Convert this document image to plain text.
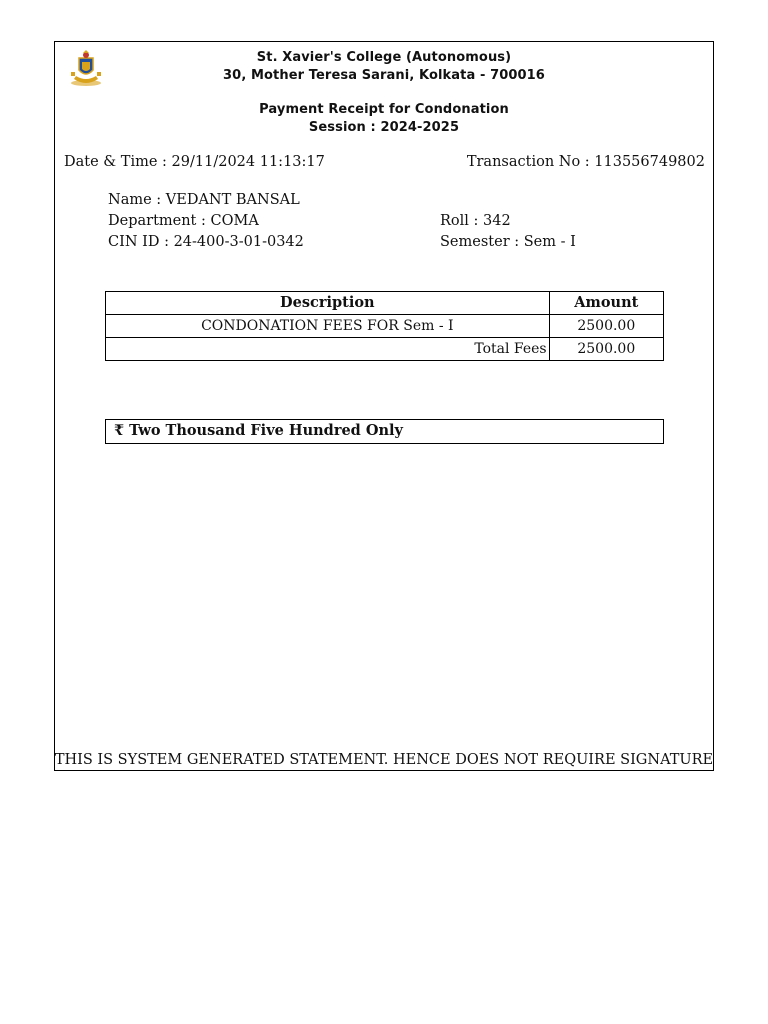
St. Xavier's College (Autonomous)
30, Mother Teresa Sarani, Kolkata - 700016
Payment Receipt for Condonation
Session : 2024-2025
Date & Time : 29/11/2024 11:13:17	Transaction No : 113556749802
Name : VEDANT BANSAL
Department : COMA	Roll : 342
CIN ID : 24-400-3-01-0342	Semester : Sem - I
Description	Amount
CONDONATION FEES FOR Sem - I	2500.00
Total Fees	2500.00
₹ Two Thousand Five Hundred Only
THIS IS SYSTEM GENERATED STATEMENT. HENCE DOES NOT REQUIRE SIGNATURE
